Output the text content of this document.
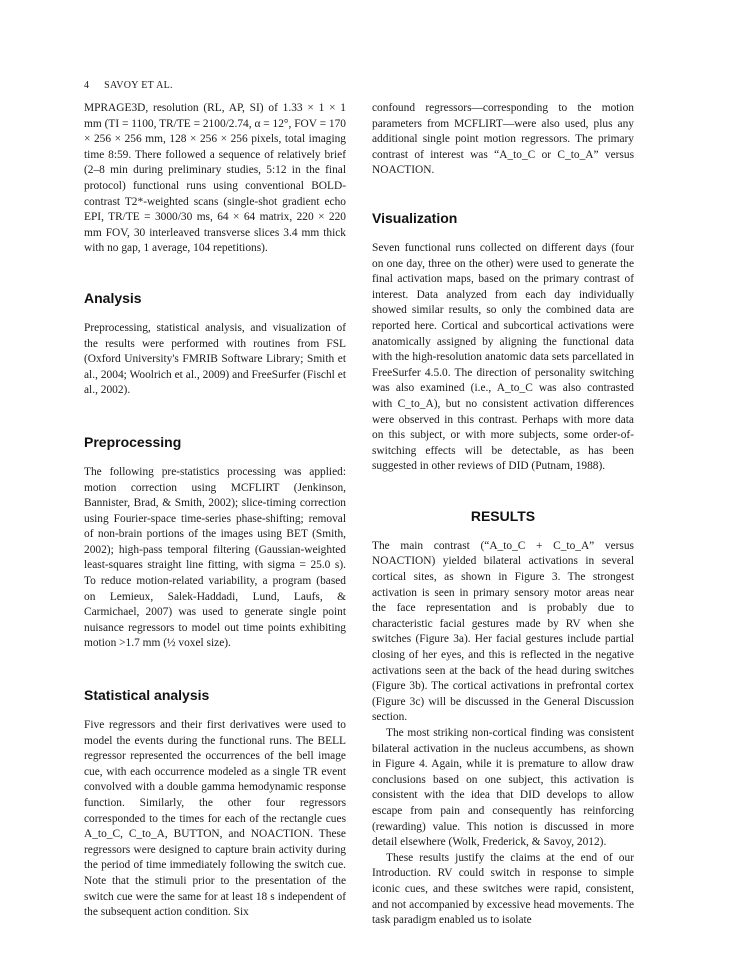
4 SAVOY ET AL.

MPRAGE3D, resolution (RL, AP, SI) of 1.33 × 1 × 1 mm (TI = 1100, TR/TE = 2100/2.74, α = 12°, FOV = 170 × 256 × 256 mm, 128 × 256 × 256 pixels, total imaging time 8:59. There followed a sequence of relatively brief (2–8 min during preliminary studies, 5:12 in the final protocol) functional runs using conventional BOLD-contrast T2*-weighted scans (single-shot gradient echo EPI, TR/TE = 3000/30 ms, 64 × 64 matrix, 220 × 220 mm FOV, 30 interleaved transverse slices 3.4 mm thick with no gap, 1 average, 104 repetitions).

Analysis

Preprocessing, statistical analysis, and visualization of the results were performed with routines from FSL (Oxford University's FMRIB Software Library; Smith et al., 2004; Woolrich et al., 2009) and FreeSurfer (Fischl et al., 2002).

Preprocessing

The following pre-statistics processing was applied: motion correction using MCFLIRT (Jenkinson, Bannister, Brad, & Smith, 2002); slice-timing correction using Fourier-space time-series phase-shifting; removal of non-brain portions of the images using BET (Smith, 2002); high-pass temporal filtering (Gaussian-weighted least-squares straight line fitting, with sigma = 25.0 s). To reduce motion-related variability, a program (based on Lemieux, Salek-Haddadi, Lund, Laufs, & Carmichael, 2007) was used to generate single point nuisance regressors to model out time points exhibiting motion >1.7 mm (½ voxel size).

Statistical analysis

Five regressors and their first derivatives were used to model the events during the functional runs. The BELL regressor represented the occurrences of the bell image cue, with each occurrence modeled as a single TR event convolved with a double gamma hemodynamic response function. Similarly, the other four regressors corresponded to the times for each of the rectangle cues A_to_C, C_to_A, BUTTON, and NOACTION. These regressors were designed to capture brain activity during the period of time immediately following the switch cue. Note that the stimuli prior to the presentation of the switch cue were the same for at least 18 s independent of the subsequent action condition. Six

confound regressors—corresponding to the motion parameters from MCFLIRT—were also used, plus any additional single point motion regressors. The primary contrast of interest was “A_to_C or C_to_A” versus NOACTION.

Visualization

Seven functional runs collected on different days (four on one day, three on the other) were used to generate the final activation maps, based on the primary contrast of interest. Data analyzed from each day individually showed similar results, so only the combined data are reported here. Cortical and subcortical activations were anatomically assigned by aligning the functional data with the high-resolution anatomic data sets parcellated in FreeSurfer 4.5.0. The direction of personality switching was also examined (i.e., A_to_C was also contrasted with C_to_A), but no consistent activation differences were observed in this contrast. Perhaps with more data on this subject, or with more subjects, some order-of-switching effects will be detectable, as has been suggested in other reviews of DID (Putnam, 1988).

RESULTS

The main contrast (“A_to_C + C_to_A” versus NOACTION) yielded bilateral activations in several cortical sites, as shown in Figure 3. The strongest activation is seen in primary sensory motor areas near the face representation and is probably due to characteristic facial gestures made by RV when she switches (Figure 3a). Her facial gestures include partial closing of her eyes, and this is reflected in the negative activations seen at the back of the head during switches (Figure 3b). The cortical activations in prefrontal cortex (Figure 3c) will be discussed in the General Discussion section.

The most striking non-cortical finding was consistent bilateral activation in the nucleus accumbens, as shown in Figure 4. Again, while it is premature to allow draw conclusions based on one subject, this activation is consistent with the idea that DID develops to allow escape from pain and consequently has reinforcing (rewarding) value. This notion is discussed in more detail elsewhere (Wolk, Frederick, & Savoy, 2012).

These results justify the claims at the end of our Introduction. RV could switch in response to simple iconic cues, and these switches were rapid, consistent, and not accompanied by excessive head movements. The task paradigm enabled us to isolate
